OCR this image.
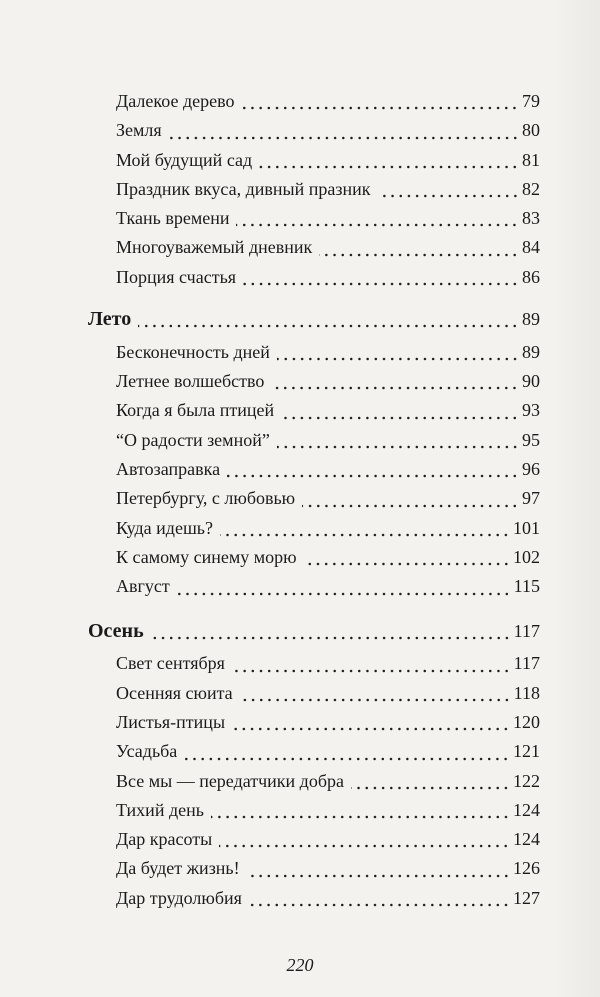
Далекое дерево	79
Земля	80
Мой будущий сад	81
Праздник вкуса, дивный празник	82
Ткань времени	83
Многоуважемый дневник	84
Порция счастья	86
Лето	89
Бесконечность дней	89
Летнее волшебство	90
Когда я была птицей	93
“О радости земной”	95
Автозаправка	96
Петербургу, с любовью	97
Куда идешь?	101
К самому синему морю	102
Август	115
Осень	117
Свет сентября	117
Осенняя сюита	118
Листья-птицы	120
Усадьба	121
Все мы — передатчики добра	122
Тихий день	124
Дар красоты	124
Да будет жизнь!	126
Дар трудолюбия	127
220
